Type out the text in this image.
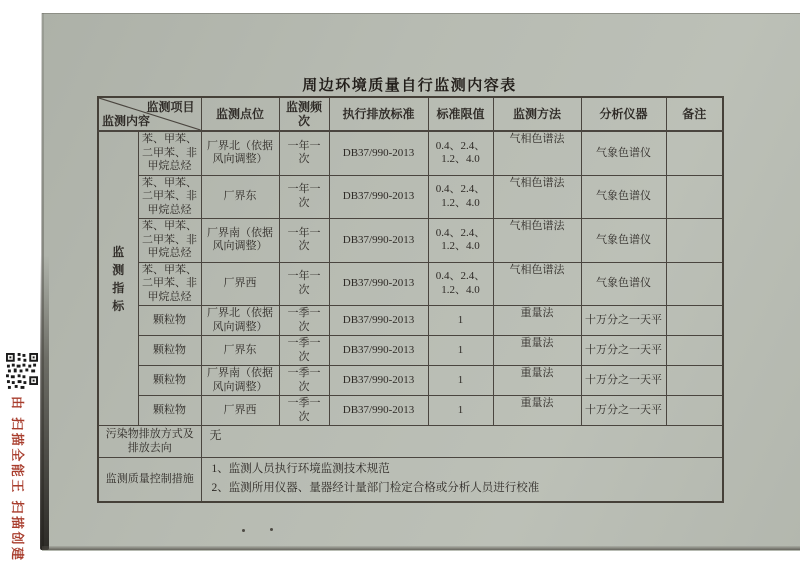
周边环境质量自行监测内容表
监测项目
监测内容		监测点位	监测频次	执行排放标准	标准限值	监测方法	分析仪器	备注

监测指标	苯、甲苯、二甲苯、非甲烷总烃	厂界北（依据风向调整）	一年一次	DB37/990-2013	0.4、2.4、1.2、4.0	气相色谱法	气象色谱仪	
	苯、甲苯、二甲苯、非甲烷总烃	厂界东	一年一次	DB37/990-2013	0.4、2.4、1.2、4.0	气相色谱法	气象色谱仪	
	苯、甲苯、二甲苯、非甲烷总烃	厂界南（依据风向调整）	一年一次	DB37/990-2013	0.4、2.4、1.2、4.0	气相色谱法	气象色谱仪	
	苯、甲苯、二甲苯、非甲烷总烃	厂界西	一年一次	DB37/990-2013	0.4、2.4、1.2、4.0	气相色谱法	气象色谱仪	
	颗粒物	厂界北（依据风向调整）	一季一次	DB37/990-2013	1	重量法	十万分之一天平	
	颗粒物	厂界东	一季一次	DB37/990-2013	1	重量法	十万分之一天平	
	颗粒物	厂界南（依据风向调整）	一季一次	DB37/990-2013	1	重量法	十万分之一天平	
	颗粒物	厂界西	一季一次	DB37/990-2013	1	重量法	十万分之一天平	
污染物排放方式及排放去向		无						
监测质量控制措施		1、监测人员执行环境监测技术规范
2、监测所用仪器、量器经计量部门检定合格或分析人员进行校准						
由 扫描全能王 扫描创建
